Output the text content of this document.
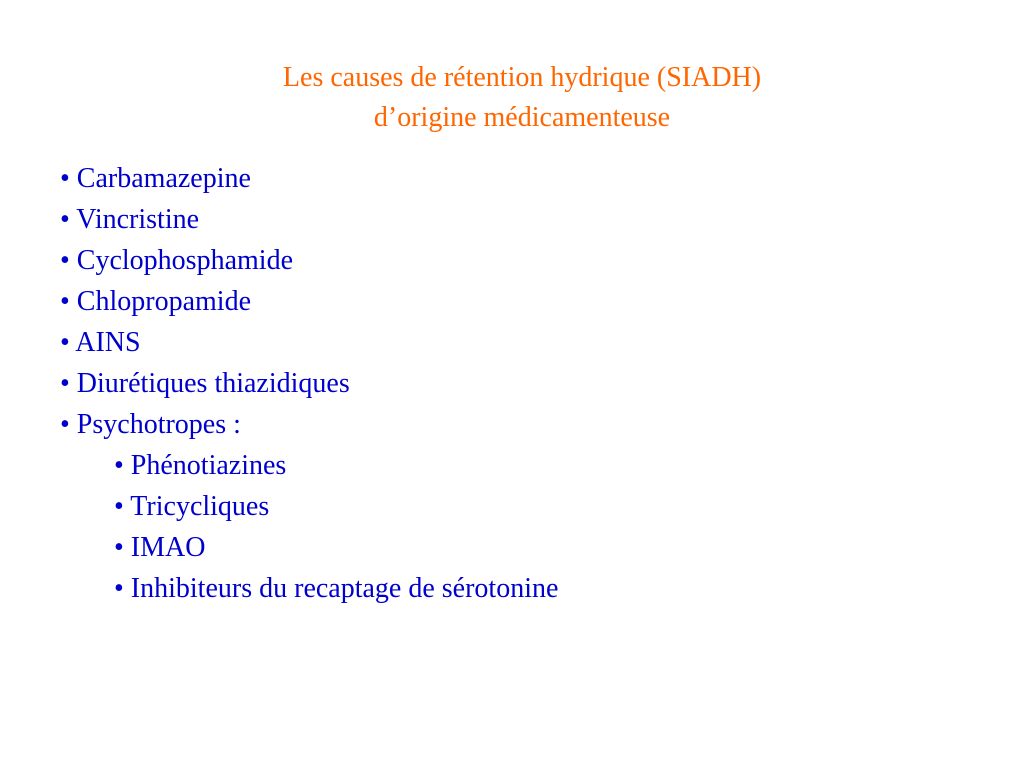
Les causes de rétention hydrique (SIADH)
d’origine médicamenteuse
• Carbamazepine
• Vincristine
• Cyclophosphamide
• Chlopropamide
• AINS
• Diurétiques thiazidiques
• Psychotropes :
• Phénotiazines
• Tricycliques
• IMAO
• Inhibiteurs du recaptage de sérotonine
